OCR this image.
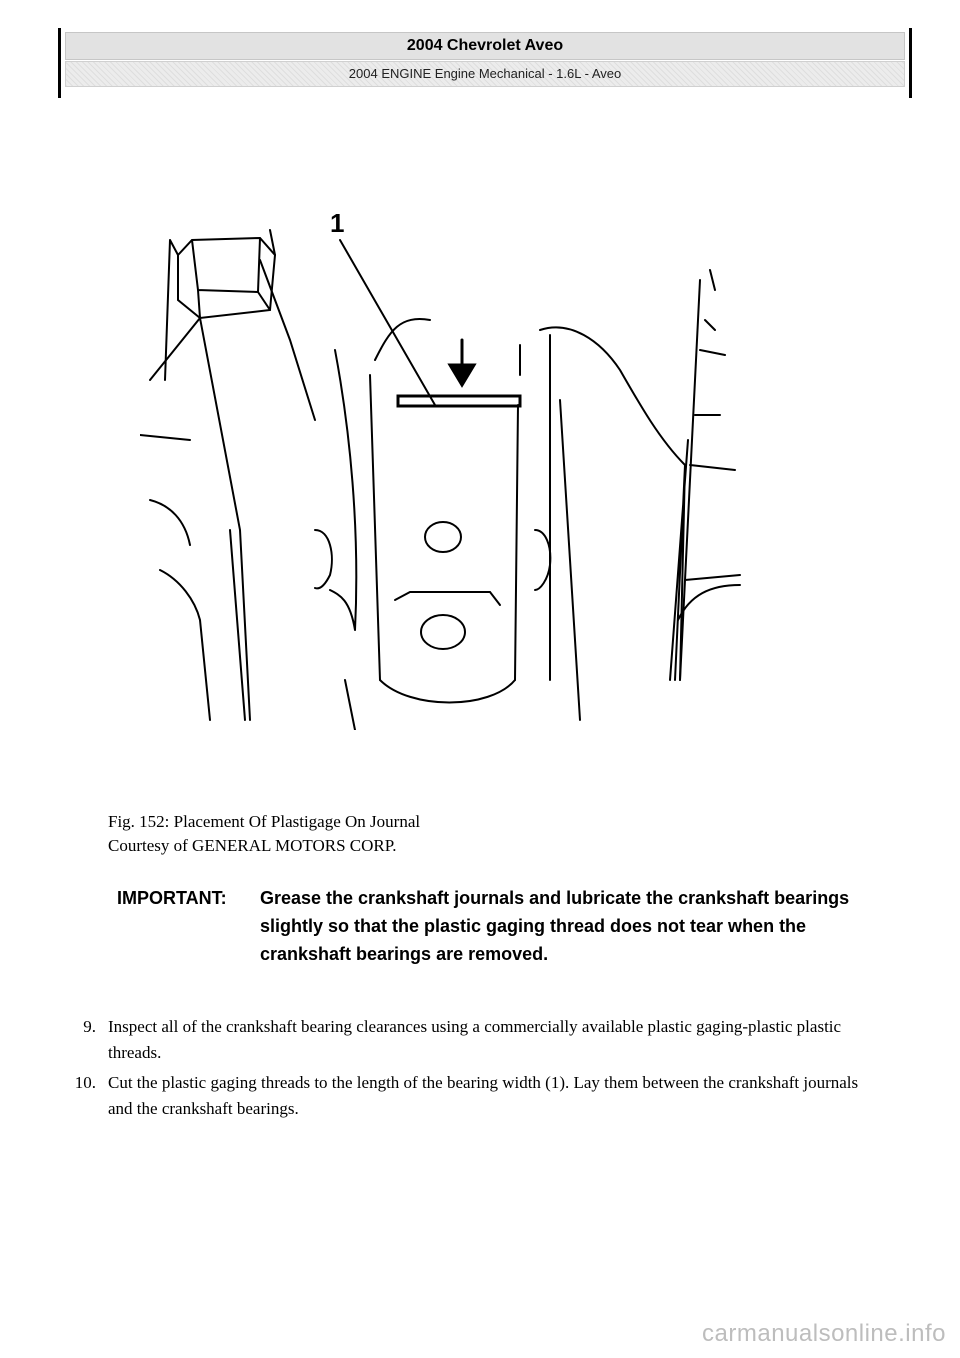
2004 Chevrolet Aveo
2004 ENGINE Engine Mechanical - 1.6L - Aveo
1
Fig. 152: Placement Of Plastigage On Journal
Courtesy of GENERAL MOTORS CORP.
IMPORTANT: Grease the crankshaft journals and lubricate the crankshaft bearings slightly so that the plastic gaging thread does not tear when the crankshaft bearings are removed.
9. Inspect all of the crankshaft bearing clearances using a commercially available plastic gaging-plastic plastic threads.
10. Cut the plastic gaging threads to the length of the bearing width (1). Lay them between the crankshaft journals and the crankshaft bearings.
carmanualsonline.info
